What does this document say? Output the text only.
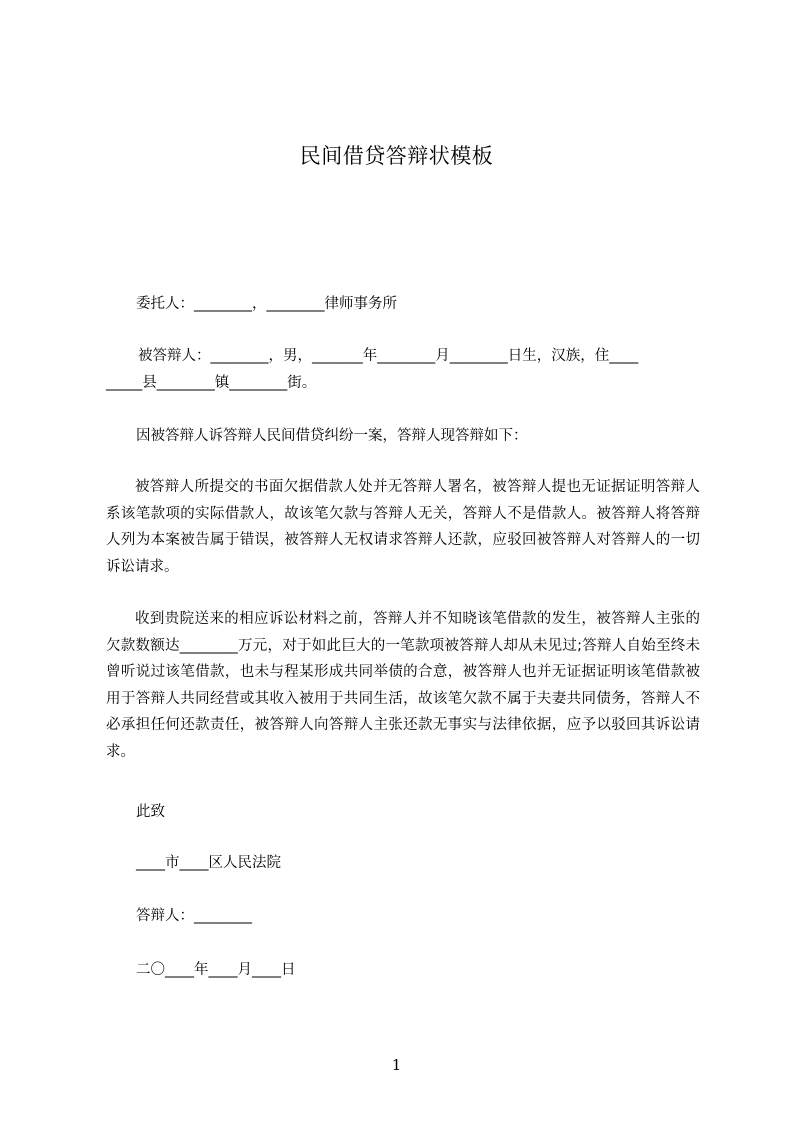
民间借贷答辩状模板
委托人：________，________律师事务所
被答辩人：________，男，_______年________月________日生，汉族，住____
_____县________镇________街。
因被答辩人诉答辩人民间借贷纠纷一案，答辩人现答辩如下：
被答辩人所提交的书面欠据借款人处并无答辩人署名，被答辩人提也无证据证明答辩人系该笔款项的实际借款人，故该笔欠款与答辩人无关，答辩人不是借款人。被答辩人将答辩人列为本案被告属于错误，被答辩人无权请求答辩人还款，应驳回被答辩人对答辩人的一切诉讼请求。
收到贵院送来的相应诉讼材料之前，答辩人并不知晓该笔借款的发生，被答辩人主张的欠款数额达________万元，对于如此巨大的一笔款项被答辩人却从未见过;答辩人自始至终未曾听说过该笔借款，也未与程某形成共同举债的合意，被答辩人也并无证据证明该笔借款被用于答辩人共同经营或其收入被用于共同生活，故该笔欠款不属于夫妻共同债务，答辩人不必承担任何还款责任，被答辩人向答辩人主张还款无事实与法律依据，应予以驳回其诉讼请求。
此致
____市____区人民法院
答辩人：________
二〇____年____月____日
1
